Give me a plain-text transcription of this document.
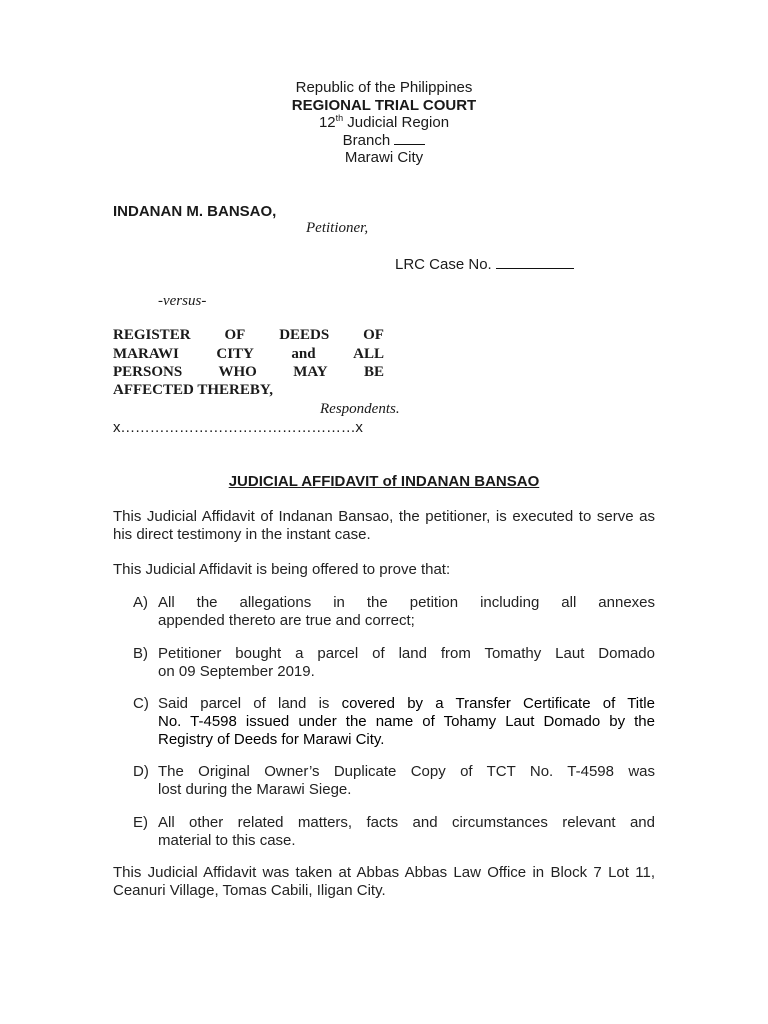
Republic of the Philippines
REGIONAL TRIAL COURT
12th Judicial Region
Branch
Marawi City
INDANAN M. BANSAO,
Petitioner,
LRC Case No.
-versus-
REGISTER OF DEEDS OF
MARAWI	CITY	and	ALL
PERSONS WHO MAY BE
AFFECTED THEREBY,
Respondents.
x…………………………………………x
JUDICIAL AFFIDAVIT of INDANAN BANSAO
This Judicial Affidavit of Indanan Bansao, the petitioner, is executed to serve as his direct testimony in the instant case.
This Judicial Affidavit is being offered to prove that:
A) All the allegations in the petition including all annexes
appended thereto are true and correct;
B) Petitioner bought a parcel of land from Tomathy Laut Domado
on 09 September 2019.
C) Said parcel of land is covered by a Transfer Certificate of Title
No. T-4598 issued under the name of Tohamy Laut Domado by the Registry of Deeds for Marawi City.
D) The Original Owner’s Duplicate Copy of TCT No. T-4598 was
lost during the Marawi Siege.
E) All other related matters, facts and circumstances relevant and
material to this case.
This Judicial Affidavit was taken at Abbas Abbas Law Office in Block 7 Lot 11, Ceanuri Village, Tomas Cabili, Iligan City.
